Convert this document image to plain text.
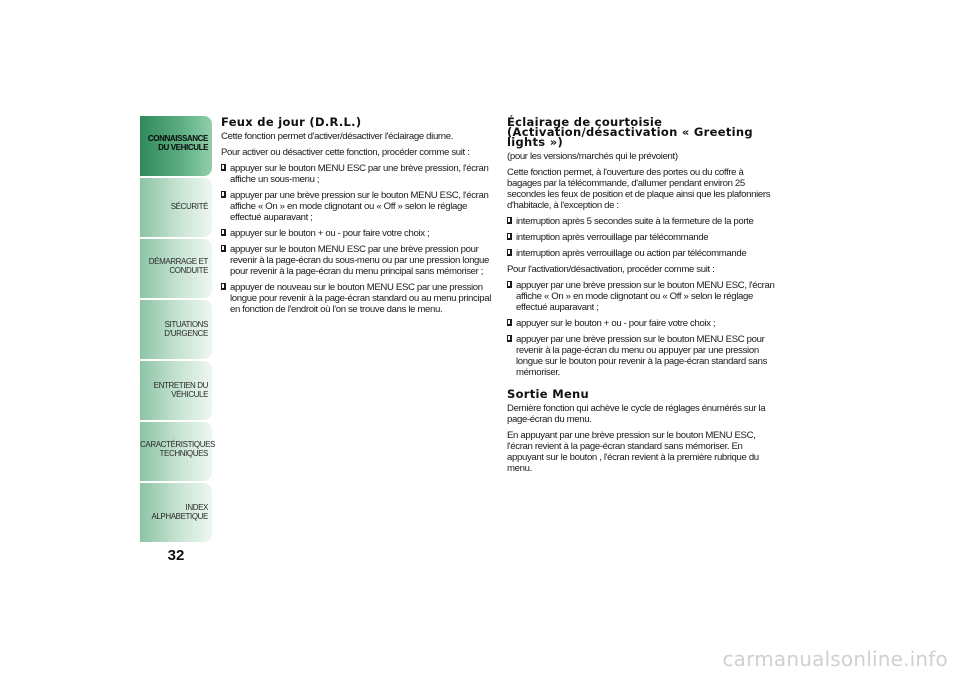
CONNAISSANCE
DU VEHICULE
SÉCURITÉ
DÉMARRAGE ET
CONDUITE
SITUATIONS
D'URGENCE
ENTRETIEN DU
VÉHICULE
CARACTÉRISTIQUES
TECHNIQUES
INDEX
ALPHABETIQUE
32
Feux de jour (D.R.L.)

Cette fonction permet d'activer/désactiver l'éclairage diurne.

Pour activer ou désactiver cette fonction, procéder comme suit :

appuyer sur le bouton MENU ESC par une brève pression, l'écran affiche un sous-menu ;
appuyer par une brève pression sur le bouton MENU ESC, l'écran affiche « On » en mode clignotant ou « Off » selon le réglage effectué auparavant ;
appuyer sur le bouton + ou - pour faire votre choix ;
appuyer sur le bouton MENU ESC par une brève pression pour revenir à la page-écran du sous-menu ou par une pression longue pour revenir à la page-écran du menu principal sans mémoriser ;
appuyer de nouveau sur le bouton MENU ESC par une pression longue pour revenir à la page-écran standard ou au menu principal en fonction de l'endroit où l'on se trouve dans le menu.
Éclairage de courtoisie (Activation/désactivation « Greeting lights »)

(pour les versions/marchés qui le prévoient)

Cette fonction permet, à l'ouverture des portes ou du coffre à bagages par la télécommande, d'allumer pendant environ 25 secondes les feux de position et de plaque ainsi que les plafonniers d'habitacle, à l'exception de :

interruption après 5 secondes suite à la fermeture de la porte
interruption après verrouillage par télécommande
interruption après verrouillage ou action par télécommande

Pour l'activation/désactivation, procéder comme suit :

appuyer par une brève pression sur le bouton MENU ESC, l'écran affiche « On » en mode clignotant ou « Off » selon le réglage effectué auparavant ;
appuyer sur le bouton + ou - pour faire votre choix ;
appuyer par une brève pression sur le bouton MENU ESC pour revenir à la page-écran du menu ou appuyer par une pression longue sur le bouton pour revenir à la page-écran standard sans mémoriser.
Sortie Menu

Dernière fonction qui achève le cycle de réglages énumérés sur la page-écran du menu.

En appuyant par une brève pression sur le bouton MENU ESC, l'écran revient à la page-écran standard sans mémoriser. En appuyant sur le bouton , l'écran revient à la première rubrique du menu.

carmanualsonline.info
